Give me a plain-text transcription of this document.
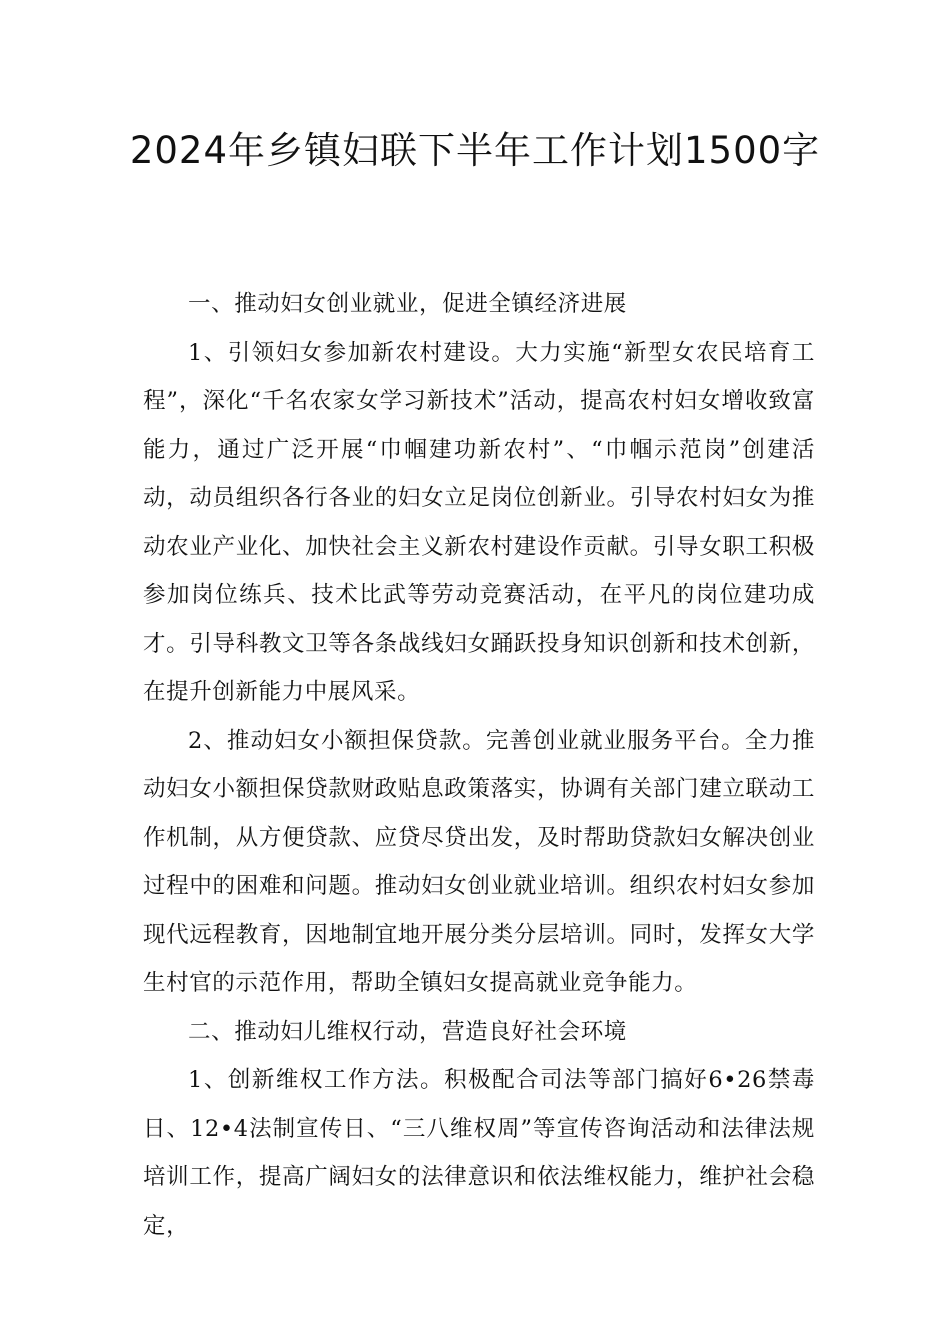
2024年乡镇妇联下半年工作计划1500字

一、推动妇女创业就业，促进全镇经济进展

1、引领妇女参加新农村建设。大力实施“新型女农民培育工程”，深化“千名农家女学习新技术”活动，提高农村妇女增收致富能力，通过广泛开展“巾帼建功新农村”、“巾帼示范岗”创建活动，动员组织各行各业的妇女立足岗位创新业。引导农村妇女为推动农业产业化、加快社会主义新农村建设作贡献。引导女职工积极参加岗位练兵、技术比武等劳动竞赛活动，在平凡的岗位建功成才。引导科教文卫等各条战线妇女踊跃投身知识创新和技术创新，在提升创新能力中展风采。

2、推动妇女小额担保贷款。完善创业就业服务平台。全力推动妇女小额担保贷款财政贴息政策落实，协调有关部门建立联动工作机制，从方便贷款、应贷尽贷出发，及时帮助贷款妇女解决创业过程中的困难和问题。推动妇女创业就业培训。组织农村妇女参加现代远程教育，因地制宜地开展分类分层培训。同时，发挥女大学生村官的示范作用，帮助全镇妇女提高就业竞争能力。

二、推动妇儿维权行动，营造良好社会环境

1、创新维权工作方法。积极配合司法等部门搞好6•26禁毒日、12•4法制宣传日、“三八维权周”等宣传咨询活动和法律法规培训工作，提高广阔妇女的法律意识和依法维权能力，维护社会稳定，
